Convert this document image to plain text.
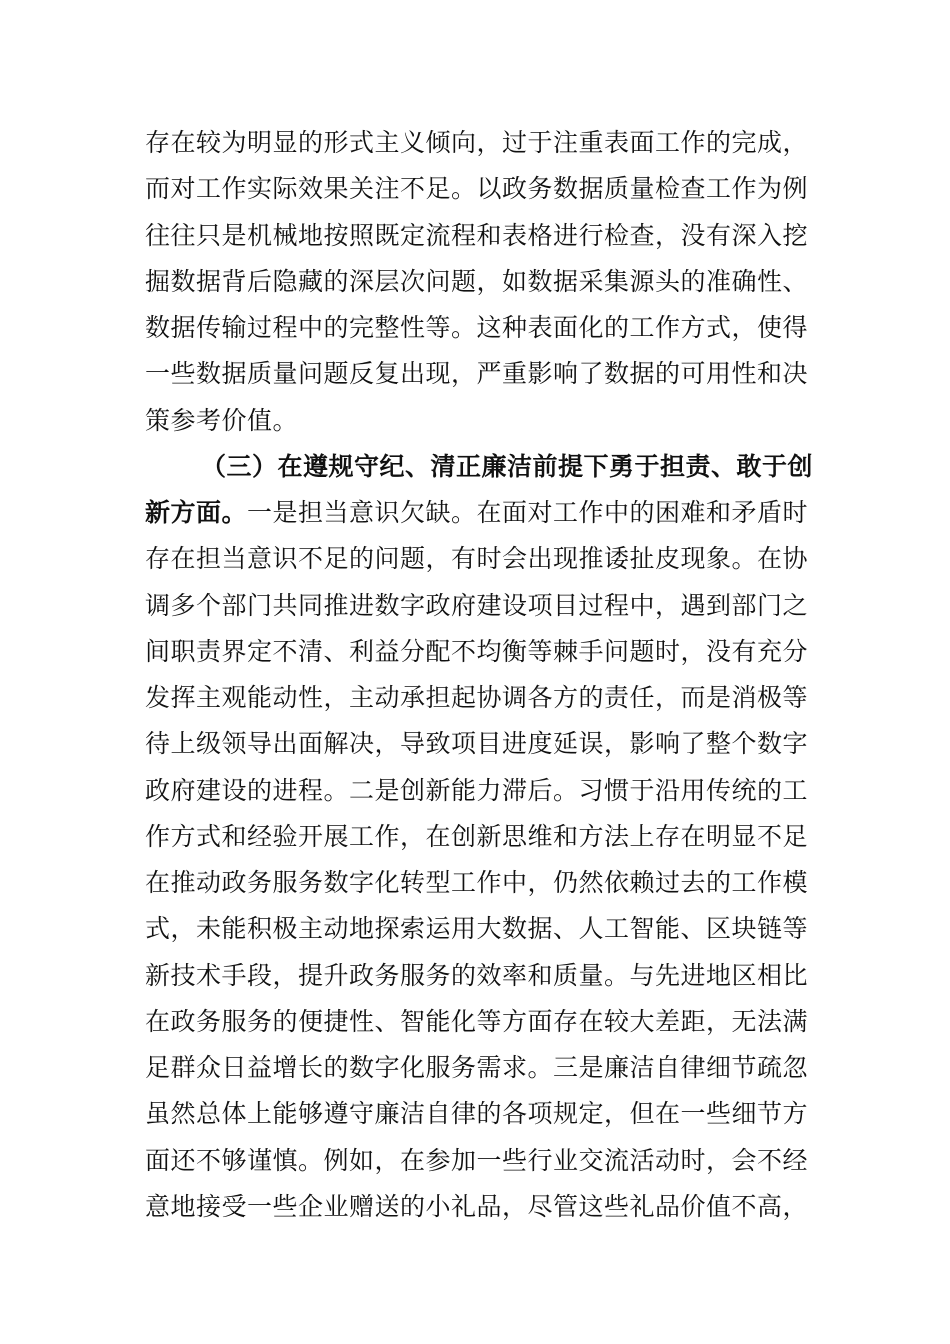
存在较为明显的形式主义倾向，过于注重表面工作的完成，
而对工作实际效果关注不足。以政务数据质量检查工作为例
往往只是机械地按照既定流程和表格进行检查，没有深入挖
掘数据背后隐藏的深层次问题，如数据采集源头的准确性、
数据传输过程中的完整性等。这种表面化的工作方式，使得
一些数据质量问题反复出现，严重影响了数据的可用性和决
策参考价值。
（三）在遵规守纪、清正廉洁前提下勇于担责、敢于创
新方面。一是担当意识欠缺。在面对工作中的困难和矛盾时
存在担当意识不足的问题，有时会出现推诿扯皮现象。在协
调多个部门共同推进数字政府建设项目过程中，遇到部门之
间职责界定不清、利益分配不均衡等棘手问题时，没有充分
发挥主观能动性，主动承担起协调各方的责任，而是消极等
待上级领导出面解决，导致项目进度延误，影响了整个数字
政府建设的进程。二是创新能力滞后。习惯于沿用传统的工
作方式和经验开展工作，在创新思维和方法上存在明显不足
在推动政务服务数字化转型工作中，仍然依赖过去的工作模
式，未能积极主动地探索运用大数据、人工智能、区块链等
新技术手段，提升政务服务的效率和质量。与先进地区相比
在政务服务的便捷性、智能化等方面存在较大差距，无法满
足群众日益增长的数字化服务需求。三是廉洁自律细节疏忽
虽然总体上能够遵守廉洁自律的各项规定，但在一些细节方
面还不够谨慎。例如，在参加一些行业交流活动时，会不经
意地接受一些企业赠送的小礼品，尽管这些礼品价值不高，
